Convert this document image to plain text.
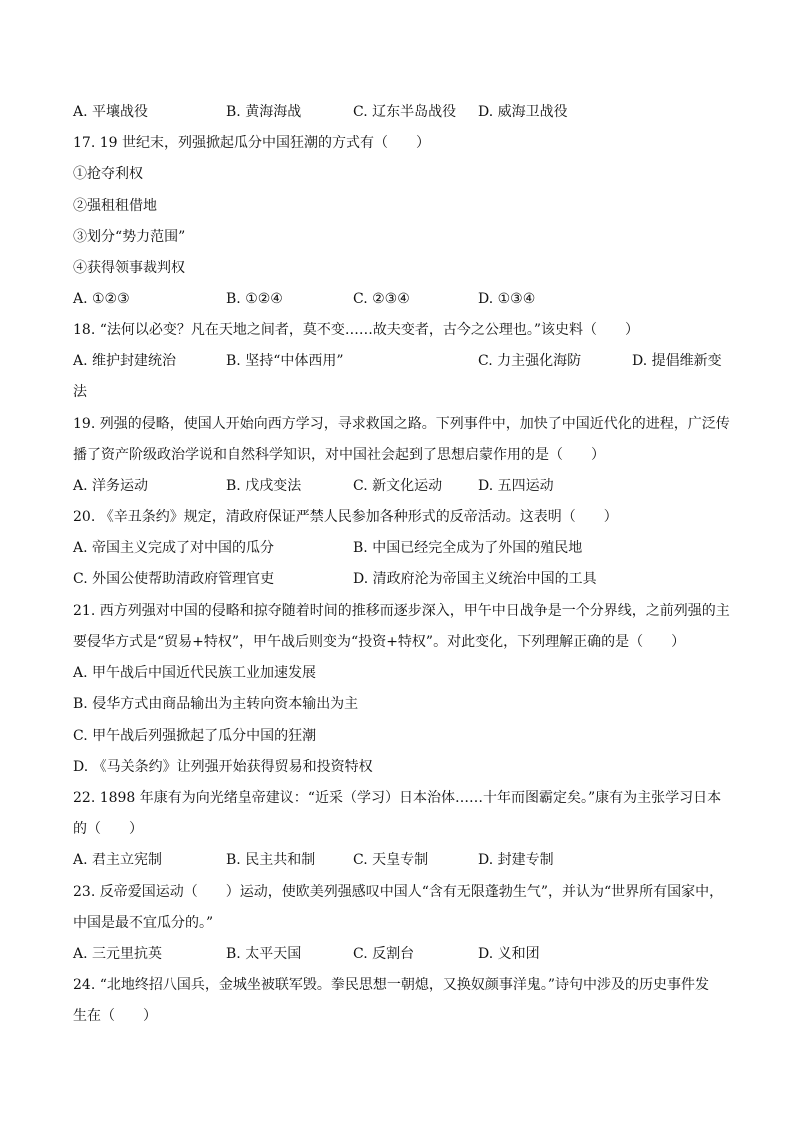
A. 平壤战役	B. 黄海海战	C. 辽东半岛战役 D. 威海卫战役
17. 19 世纪末，列强掀起瓜分中国狂潮的方式有（　　）
①抢夺利权
②强租租借地
③划分“势力范围”
④获得领事裁判权
A. ①②③	B. ①②④	C. ②③④	D. ①③④
18. “法何以必变？凡在天地之间者，莫不变……故夫变者，古今之公理也。”该史料（　　）
A. 维护封建统治	B. 坚持“中体西用”	C. 力主强化海防	D. 提倡维新变
法
19. 列强的侵略，使国人开始向西方学习，寻求救国之路。下列事件中，加快了中国近代化的进程，广泛传
播了资产阶级政治学说和自然科学知识，对中国社会起到了思想启蒙作用的是（　　）
A. 洋务运动	B. 戊戌变法	C. 新文化运动	D. 五四运动
20. 《辛丑条约》规定，清政府保证严禁人民参加各种形式的反帝活动。这表明（　　）
A. 帝国主义完成了对中国的瓜分	B. 中国已经完全成为了外国的殖民地
C. 外国公使帮助清政府管理官吏	D. 清政府沦为帝国主义统治中国的工具
21. 西方列强对中国的侵略和掠夺随着时间的推移而逐步深入，甲午中日战争是一个分界线，之前列强的主
要侵华方式是“贸易+特权”，甲午战后则变为“投资+特权”。对此变化，下列理解正确的是（　　）
A. 甲午战后中国近代民族工业加速发展
B. 侵华方式由商品输出为主转向资本输出为主
C. 甲午战后列强掀起了瓜分中国的狂潮
D. 《马关条约》让列强开始获得贸易和投资特权
22. 1898 年康有为向光绪皇帝建议：“近采（学习）日本治体……十年而图霸定矣。”康有为主张学习日本
的（　　）
A. 君主立宪制	B. 民主共和制	C. 天皇专制	D. 封建专制
23. 反帝爱国运动（　　）运动，使欧美列强感叹中国人“含有无限蓬勃生气”，并认为“世界所有国家中，
中国是最不宜瓜分的。”
A. 三元里抗英	B. 太平天国	C. 反割台	D. 义和团
24. “北地终招八国兵，金城坐被联军毁。拳民思想一朝熄，又换奴颜事洋鬼。”诗句中涉及的历史事件发
生在（　　）
